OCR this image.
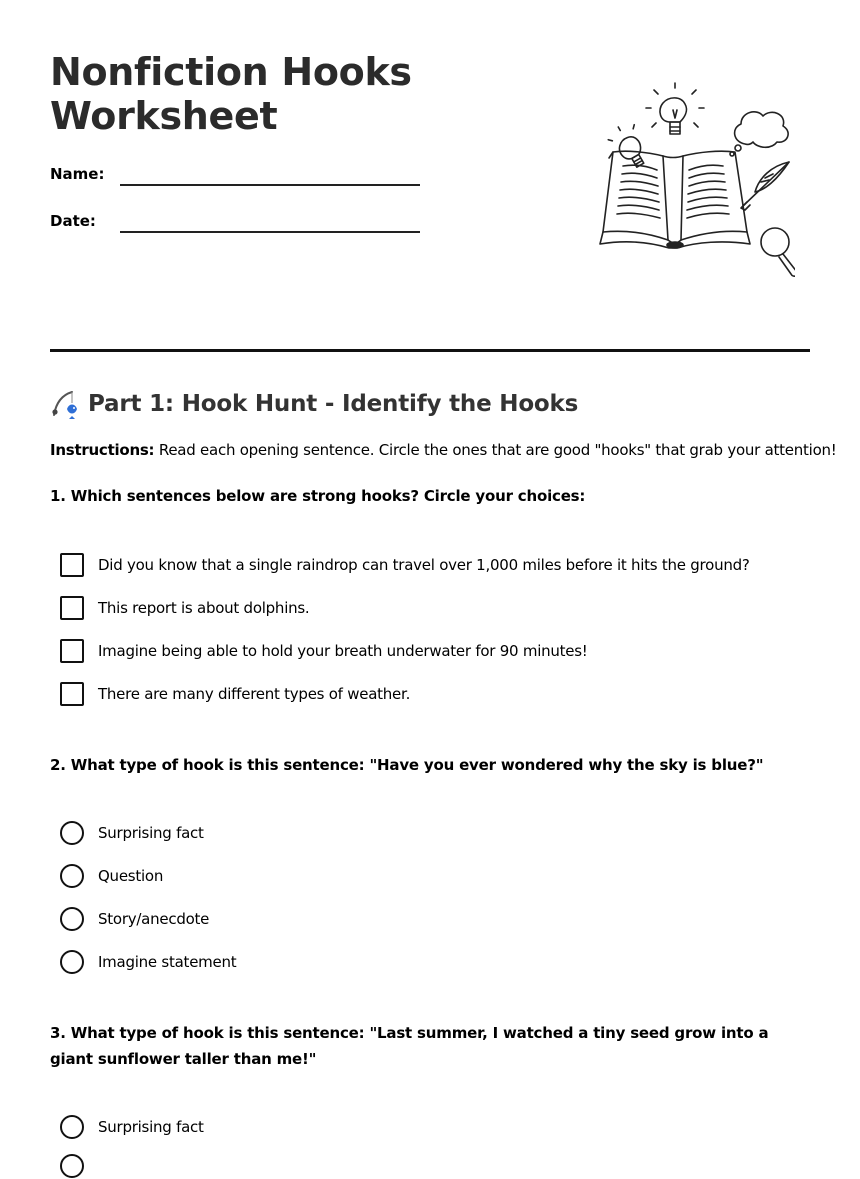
Nonfiction Hooks Worksheet
Name:
Date:
Part 1: Hook Hunt - Identify the Hooks
Instructions: Read each opening sentence. Circle the ones that are good "hooks" that grab your attention!

1. Which sentences below are strong hooks? Circle your choices:

Did you know that a single raindrop can travel over 1,000 miles before it hits the ground?
This report is about dolphins.
Imagine being able to hold your breath underwater for 90 minutes!
There are many different types of weather.

2. What type of hook is this sentence: "Have you ever wondered why the sky is blue?"

Surprising fact
Question
Story/anecdote
Imagine statement

3. What type of hook is this sentence: "Last summer, I watched a tiny seed grow into a giant sunflower taller than me!"

Surprising fact
